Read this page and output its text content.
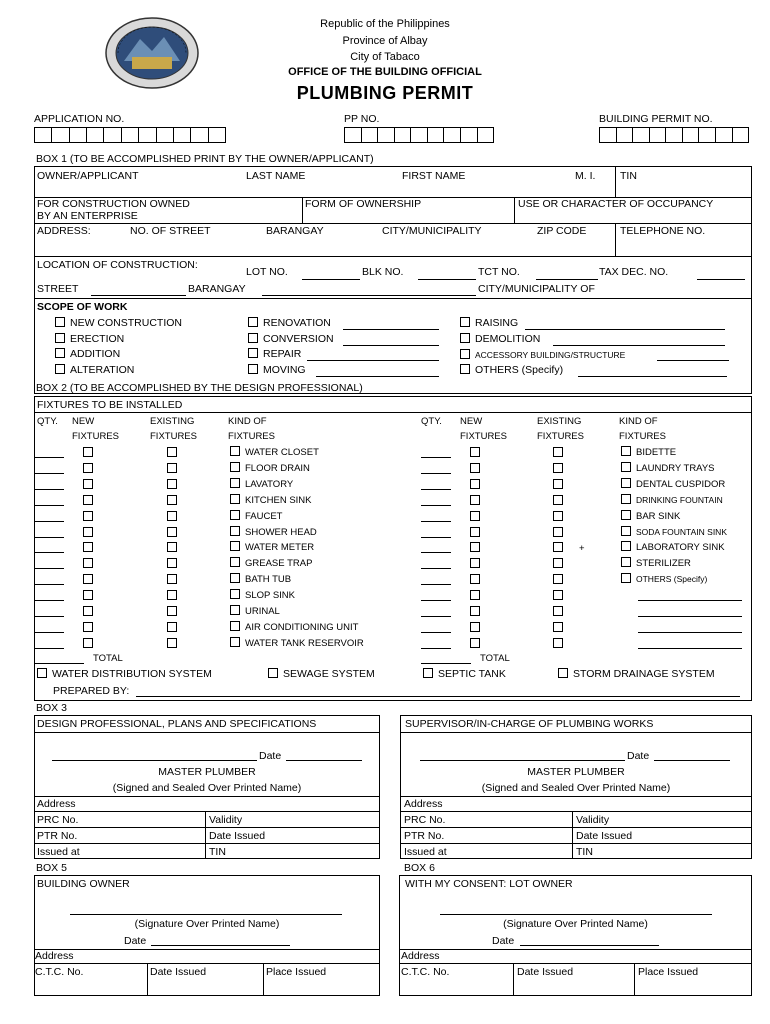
Republic of the Philippines
Province of Albay
City of Tabaco
OFFICE OF THE BUILDING OFFICIAL
PLUMBING PERMIT
APPLICATION NO.	PP NO.	BUILDING PERMIT NO.
BOX 1 (TO BE ACCOMPLISHED PRINT BY THE OWNER/APPLICANT)
OWNER/APPLICANT	LAST NAME	FIRST NAME	M. I. TIN
FOR CONSTRUCTION OWNED
BY AN ENTERPRISE
FORM OF OWNERSHIP	USE OR CHARACTER OF OCCUPANCY
ADDRESS:	NO. OF STREET	BARANGAY	CITY/MUNICIPALITY	ZIP CODE	TELEPHONE NO.
LOCATION OF CONSTRUCTION:
LOT NO.	BLK NO.	TCT NO.	TAX DEC. NO.
STREET	BARANGAY	CITY/MUNICIPALITY OF
SCOPE OF WORK
NEW CONSTRUCTION
ERECTION
ADDITION
ALTERATION
RENOVATION
CONVERSION
REPAIR
MOVING
RAISING
DEMOLITION
ACCESSORY BUILDING/STRUCTURE
OTHERS (Specify)
BOX 2 (TO BE ACCOMPLISHED BY THE DESIGN PROFESSIONAL)
FIXTURES TO BE INSTALLED
QTY. NEW
FIXTURES
EXISTING
FIXTURES
KIND OF
FIXTURES
QTY. NEW
FIXTURES
EXISTING
FIXTURES
KIND OF
FIXTURES
WATER CLOSET
FLOOR DRAIN
LAVATORY
KITCHEN SINK
FAUCET
SHOWER HEAD
WATER METER
GREASE TRAP
BATH TUB
SLOP SINK
URINAL
AIR CONDITIONING UNIT
WATER TANK RESERVOIR
BIDETTE
LAUNDRY TRAYS
DENTAL CUSPIDOR
DRINKING FOUNTAIN
BAR SINK
SODA FOUNTAIN SINK
LABORATORY SINK
STERILIZER
OTHERS (Specify)
TOTAL	TOTAL
+
WATER DISTRIBUTION SYSTEM	SEWAGE SYSTEM	SEPTIC TANK	STORM DRAINAGE SYSTEM
PREPARED BY:
BOX 3
DESIGN PROFESSIONAL, PLANS AND SPECIFICATIONS
Date
MASTER PLUMBER
(Signed and Sealed Over Printed Name)
Address
PRC No.	Validity
PTR No.	Date Issued
Issued at	TIN
SUPERVISOR/IN-CHARGE OF PLUMBING WORKS
Date
MASTER PLUMBER
(Signed and Sealed Over Printed Name)
Address
PRC No.	Validity
PTR No.	Date Issued
Issued at	TIN
BOX 5
BUILDING OWNER
(Signature Over Printed Name)
Date
Address
C.T.C. No.	Date Issued	Place Issued
BOX 6
WITH MY CONSENT: LOT OWNER
(Signature Over Printed Name)
Date
Address
C.T.C. No.	Date Issued	Place Issued
